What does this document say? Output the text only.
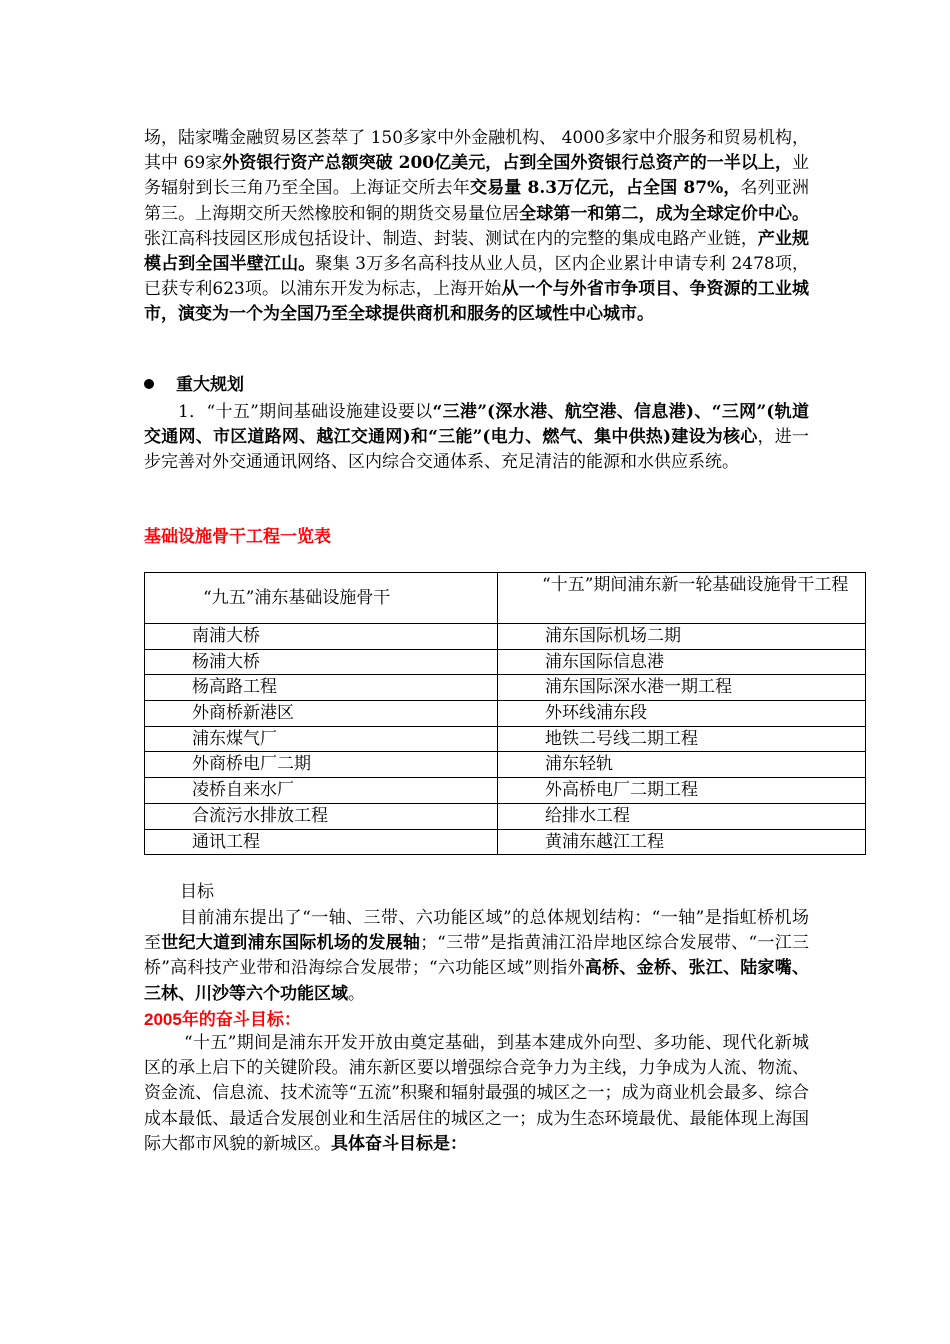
场，陆家嘴金融贸易区荟萃了 150多家中外金融机构、 4000多家中介服务和贸易机构，其中 69家外资银行资产总额突破 200亿美元，占到全国外资银行总资产的一半以上，业务辐射到长三角乃至全国。上海证交所去年交易量 8.3万亿元，占全国 87%，名列亚洲第三。上海期交所天然橡胶和铜的期货交易量位居全球第一和第二，成为全球定价中心。张江高科技园区形成包括设计、制造、封装、测试在内的完整的集成电路产业链，产业规模占到全国半壁江山。聚集 3万多名高科技从业人员，区内企业累计申请专利 2478项，已获专利623项。以浦东开发为标志，上海开始从一个与外省市争项目、争资源的工业城市，演变为一个为全国乃至全球提供商机和服务的区域性中心城市。

重大规划

1．“十五”期间基础设施建设要以“三港”(深水港、航空港、信息港)、“三网”(轨道交通网、市区道路网、越江交通网)和“三能”(电力、燃气、集中供热)建设为核心，进一步完善对外交通通讯网络、区内综合交通体系、充足清洁的能源和水供应系统。

基础设施骨干工程一览表
“九五”浦东基础设施骨干	“十五”期间浦东新一轮基础设施骨干工程
南浦大桥	浦东国际机场二期
杨浦大桥	浦东国际信息港
杨高路工程	浦东国际深水港一期工程
外商桥新港区	外环线浦东段
浦东煤气厂	地铁二号线二期工程
外商桥电厂二期	浦东轻轨
凌桥自来水厂	外高桥电厂二期工程
合流污水排放工程	给排水工程
通讯工程	黄浦东越江工程
目标

目前浦东提出了“一轴、三带、六功能区域”的总体规划结构：“一轴”是指虹桥机场至世纪大道到浦东国际机场的发展轴；“三带”是指黄浦江沿岸地区综合发展带、“一江三桥”高科技产业带和沿海综合发展带；“六功能区域”则指外高桥、金桥、张江、陆家嘴、三林、川沙等六个功能区域。

2005年的奋斗目标：

“十五”期间是浦东开发开放由奠定基础，到基本建成外向型、多功能、现代化新城区的承上启下的关键阶段。浦东新区要以增强综合竞争力为主线，力争成为人流、物流、资金流、信息流、技术流等“五流”积聚和辐射最强的城区之一；成为商业机会最多、综合成本最低、最适合发展创业和生活居住的城区之一；成为生态环境最优、最能体现上海国际大都市风貌的新城区。具体奋斗目标是：
